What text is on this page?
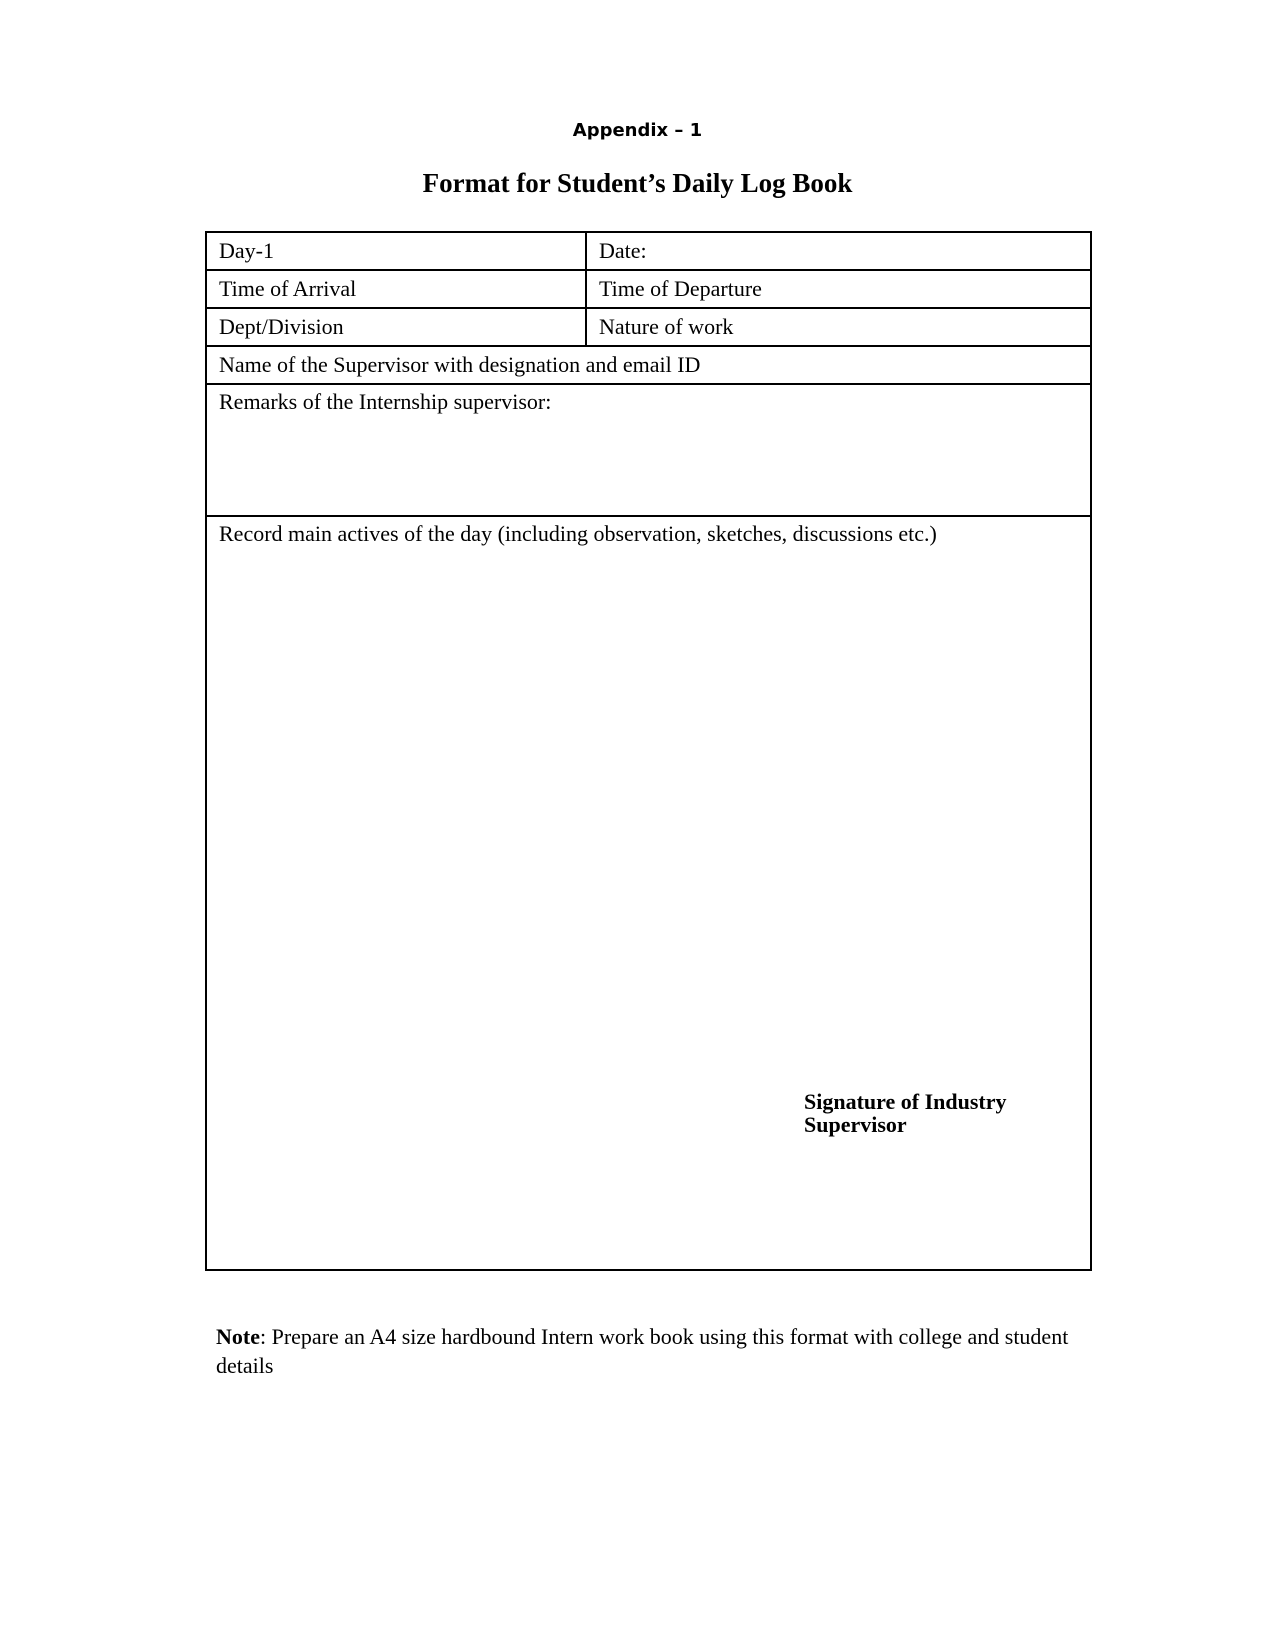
Appendix – 1
Format for Student’s Daily Log Book
Day-1	Date:
Time of Arrival	Time of Departure
Dept/Division	Nature of work
Name of the Supervisor with designation and email ID	
Remarks of the Internship supervisor:	
Record main actives of the day (including observation, sketches, discussions etc.)
Signature of Industry
Supervisor	
Note: Prepare an A4 size hardbound Intern work book using this format with college and student details
